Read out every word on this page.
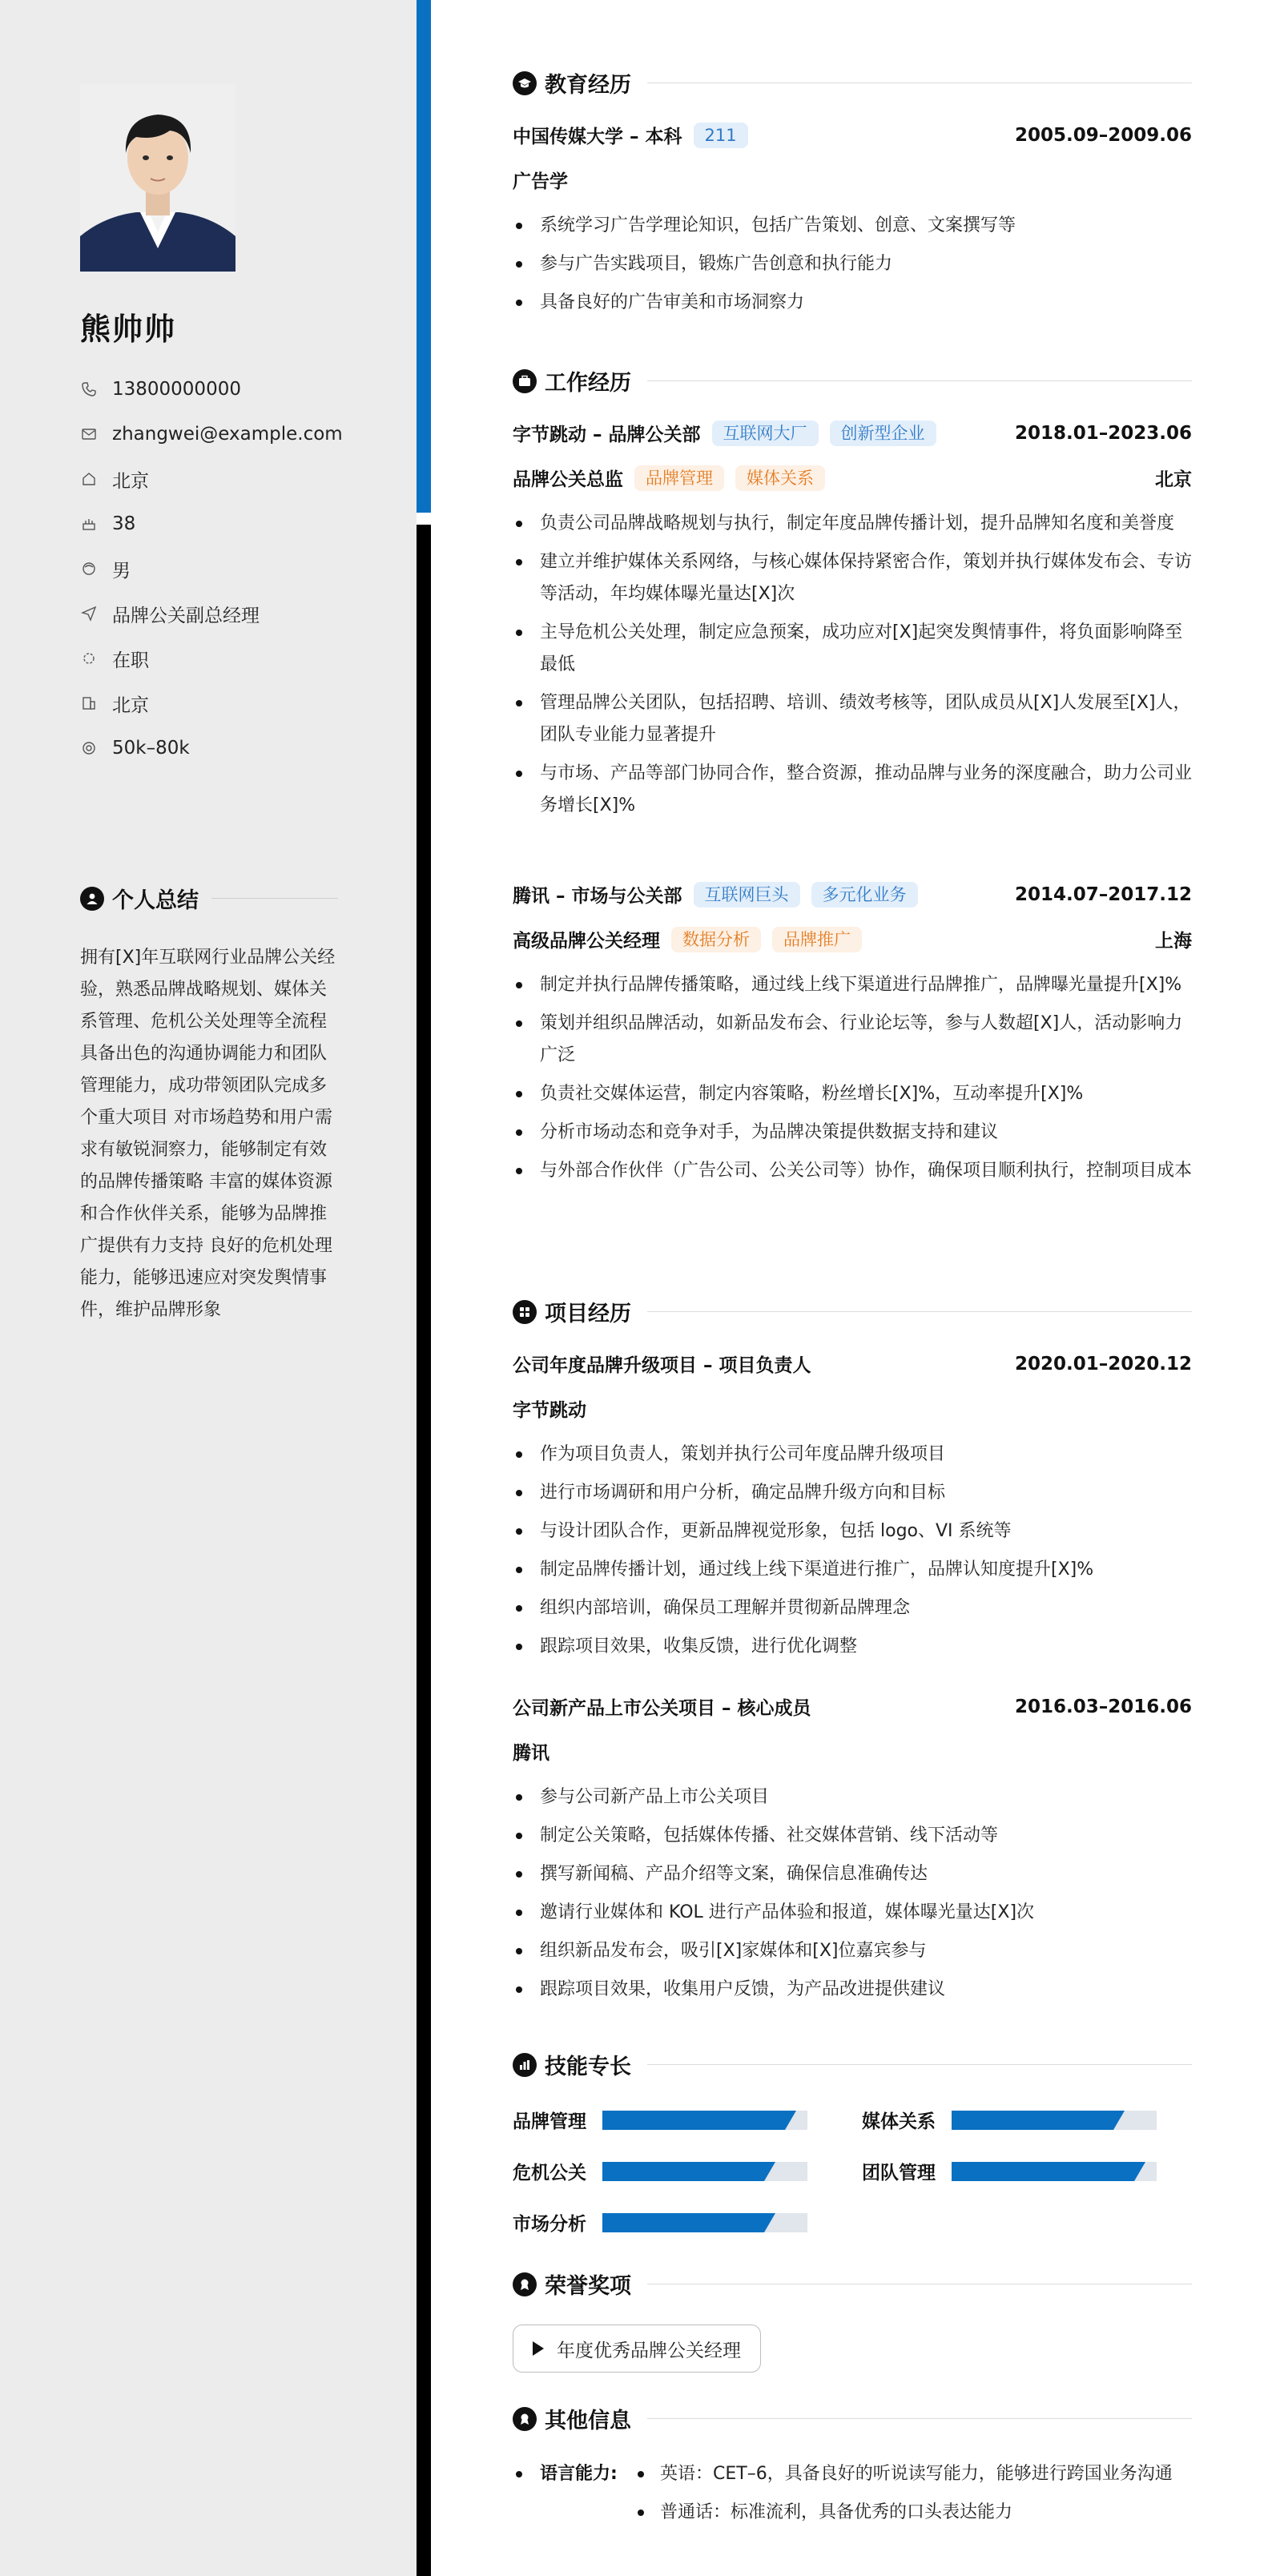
熊帅帅
13800000000
zhangwei@example.com
北京
38
男
品牌公关副总经理
在职
北京
50k–80k
个人总结
拥有[X]年互联网行业品牌公关经验，熟悉品牌战略规划、媒体关系管理、危机公关处理等全流程 具备出色的沟通协调能力和团队管理能力，成功带领团队完成多个重大项目 对市场趋势和用户需求有敏锐洞察力，能够制定有效的品牌传播策略 丰富的媒体资源和合作伙伴关系，能够为品牌推广提供有力支持 良好的危机处理能力，能够迅速应对突发舆情事件，维护品牌形象
教育经历
中国传媒大学 – 本科	211	2005.09–2009.06
广告学
系统学习广告学理论知识，包括广告策划、创意、文案撰写等
参与广告实践项目，锻炼广告创意和执行能力
具备良好的广告审美和市场洞察力
工作经历
字节跳动 – 品牌公关部	互联网大厂	创新型企业	2018.01–2023.06
品牌公关总监	品牌管理	媒体关系	北京
负责公司品牌战略规划与执行，制定年度品牌传播计划，提升品牌知名度和美誉度
建立并维护媒体关系网络，与核心媒体保持紧密合作，策划并执行媒体发布会、专访等活动，年均媒体曝光量达[X]次
主导危机公关处理，制定应急预案，成功应对[X]起突发舆情事件，将负面影响降至最低
管理品牌公关团队，包括招聘、培训、绩效考核等，团队成员从[X]人发展至[X]人，团队专业能力显著提升
与市场、产品等部门协同合作，整合资源，推动品牌与业务的深度融合，助力公司业务增长[X]%
腾讯 – 市场与公关部	互联网巨头	多元化业务	2014.07–2017.12
高级品牌公关经理	数据分析	品牌推广	上海
制定并执行品牌传播策略，通过线上线下渠道进行品牌推广，品牌曝光量提升[X]%
策划并组织品牌活动，如新品发布会、行业论坛等，参与人数超[X]人，活动影响力广泛
负责社交媒体运营，制定内容策略，粉丝增长[X]%，互动率提升[X]%
分析市场动态和竞争对手，为品牌决策提供数据支持和建议
与外部合作伙伴（广告公司、公关公司等）协作，确保项目顺利执行，控制项目成本
项目经历
公司年度品牌升级项目 – 项目负责人	2020.01–2020.12
字节跳动
作为项目负责人，策划并执行公司年度品牌升级项目
进行市场调研和用户分析，确定品牌升级方向和目标
与设计团队合作，更新品牌视觉形象，包括 logo、VI 系统等
制定品牌传播计划，通过线上线下渠道进行推广，品牌认知度提升[X]%
组织内部培训，确保员工理解并贯彻新品牌理念
跟踪项目效果，收集反馈，进行优化调整
公司新产品上市公关项目 – 核心成员	2016.03–2016.06
腾讯
参与公司新产品上市公关项目
制定公关策略，包括媒体传播、社交媒体营销、线下活动等
撰写新闻稿、产品介绍等文案，确保信息准确传达
邀请行业媒体和 KOL 进行产品体验和报道，媒体曝光量达[X]次
组织新品发布会，吸引[X]家媒体和[X]位嘉宾参与
跟踪项目效果，收集用户反馈，为产品改进提供建议
技能专长
品牌管理	媒体关系
危机公关	团队管理
市场分析
荣誉奖项
年度优秀品牌公关经理
其他信息
语言能力:	英语：CET–6，具备良好的听说读写能力，能够进行跨国业务沟通
普通话：标准流利，具备优秀的口头表达能力
